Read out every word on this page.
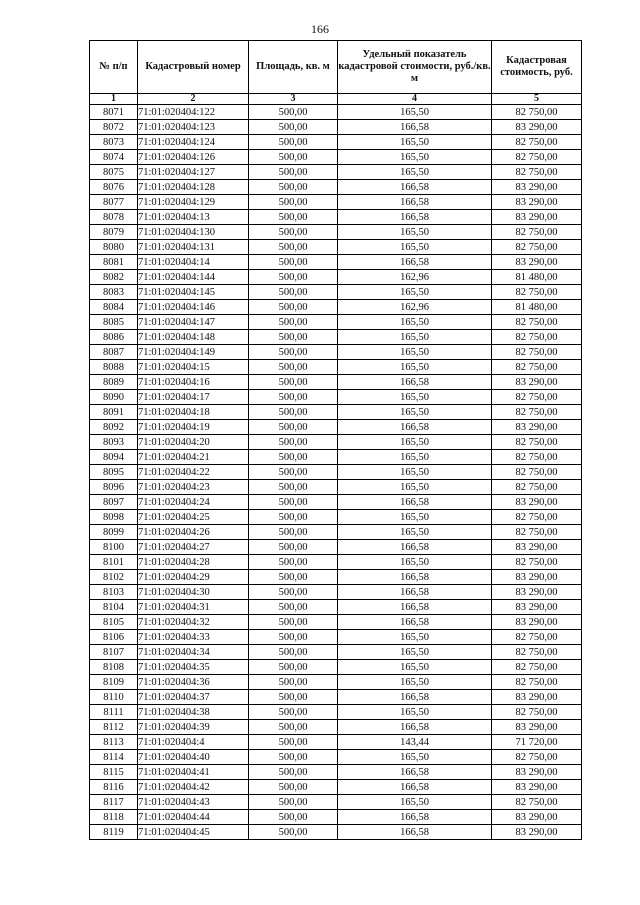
166
№ п/п	Кадастровый номер	Площадь, кв. м	Удельный показатель кадастровой стоимости, руб./кв. м	Кадастровая стоимость, руб.
1	2	3	4	5
8071	71:01:020404:122	500,00	165,50	82 750,00
8072	71:01:020404:123	500,00	166,58	83 290,00
8073	71:01:020404:124	500,00	165,50	82 750,00
8074	71:01:020404:126	500,00	165,50	82 750,00
8075	71:01:020404:127	500,00	165,50	82 750,00
8076	71:01:020404:128	500,00	166,58	83 290,00
8077	71:01:020404:129	500,00	166,58	83 290,00
8078	71:01:020404:13	500,00	166,58	83 290,00
8079	71:01:020404:130	500,00	165,50	82 750,00
8080	71:01:020404:131	500,00	165,50	82 750,00
8081	71:01:020404:14	500,00	166,58	83 290,00
8082	71:01:020404:144	500,00	162,96	81 480,00
8083	71:01:020404:145	500,00	165,50	82 750,00
8084	71:01:020404:146	500,00	162,96	81 480,00
8085	71:01:020404:147	500,00	165,50	82 750,00
8086	71:01:020404:148	500,00	165,50	82 750,00
8087	71:01:020404:149	500,00	165,50	82 750,00
8088	71:01:020404:15	500,00	165,50	82 750,00
8089	71:01:020404:16	500,00	166,58	83 290,00
8090	71:01:020404:17	500,00	165,50	82 750,00
8091	71:01:020404:18	500,00	165,50	82 750,00
8092	71:01:020404:19	500,00	166,58	83 290,00
8093	71:01:020404:20	500,00	165,50	82 750,00
8094	71:01:020404:21	500,00	165,50	82 750,00
8095	71:01:020404:22	500,00	165,50	82 750,00
8096	71:01:020404:23	500,00	165,50	82 750,00
8097	71:01:020404:24	500,00	166,58	83 290,00
8098	71:01:020404:25	500,00	165,50	82 750,00
8099	71:01:020404:26	500,00	165,50	82 750,00
8100	71:01:020404:27	500,00	166,58	83 290,00
8101	71:01:020404:28	500,00	165,50	82 750,00
8102	71:01:020404:29	500,00	166,58	83 290,00
8103	71:01:020404:30	500,00	166,58	83 290,00
8104	71:01:020404:31	500,00	166,58	83 290,00
8105	71:01:020404:32	500,00	166,58	83 290,00
8106	71:01:020404:33	500,00	165,50	82 750,00
8107	71:01:020404:34	500,00	165,50	82 750,00
8108	71:01:020404:35	500,00	165,50	82 750,00
8109	71:01:020404:36	500,00	165,50	82 750,00
8110	71:01:020404:37	500,00	166,58	83 290,00
8111	71:01:020404:38	500,00	165,50	82 750,00
8112	71:01:020404:39	500,00	166,58	83 290,00
8113	71:01:020404:4	500,00	143,44	71 720,00
8114	71:01:020404:40	500,00	165,50	82 750,00
8115	71:01:020404:41	500,00	166,58	83 290,00
8116	71:01:020404:42	500,00	166,58	83 290,00
8117	71:01:020404:43	500,00	165,50	82 750,00
8118	71:01:020404:44	500,00	166,58	83 290,00
8119	71:01:020404:45	500,00	166,58	83 290,00
